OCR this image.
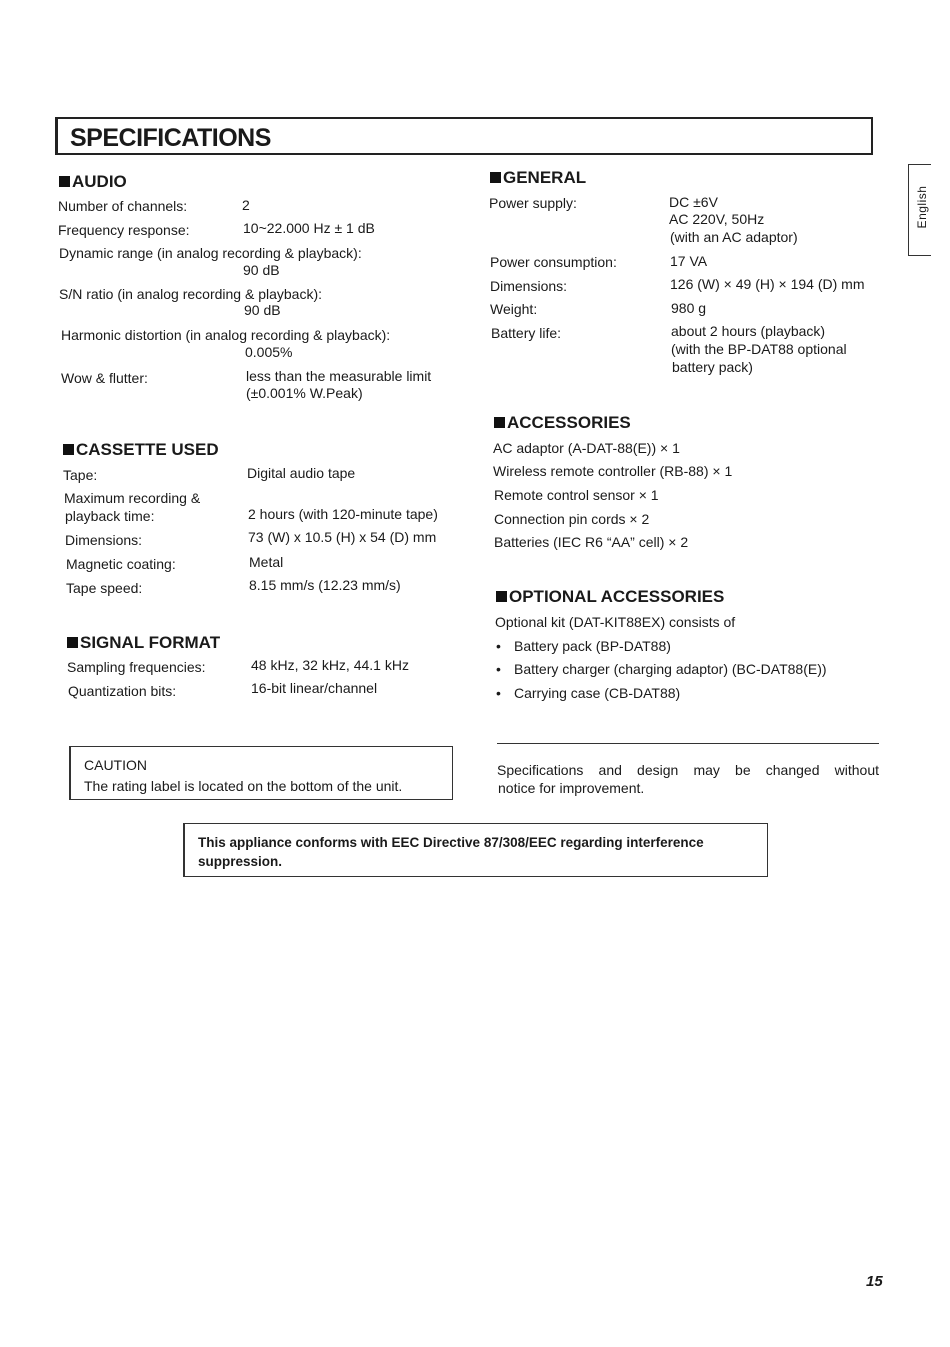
SPECIFICATIONS
English
AUDIO
Number of channels:	2
Frequency response:	10~22.000 Hz ± 1 dB
Dynamic range (in analog recording & playback):
90 dB
S/N ratio (in analog recording & playback):
90 dB
Harmonic distortion (in analog recording & playback):
0.005%
Wow & flutter:	less than the measurable limit
(±0.001% W.Peak)
CASSETTE USED
Tape:	Digital audio tape
Maximum recording &
playback time:	2 hours (with 120-minute tape)
Dimensions:	73 (W) x 10.5 (H) x 54 (D) mm
Magnetic coating:	Metal
Tape speed:	8.15 mm/s (12.23 mm/s)
SIGNAL FORMAT
Sampling frequencies:	48 kHz, 32 kHz, 44.1 kHz
Quantization bits:	16-bit linear/channel
GENERAL
Power supply:	DC ±6V
AC 220V, 50Hz
(with an AC adaptor)
Power consumption:	17 VA
Dimensions:	126 (W) × 49 (H) × 194 (D) mm
Weight:	980 g
Battery life:	about 2 hours (playback)
(with the BP-DAT88 optional
battery pack)
ACCESSORIES
AC adaptor (A-DAT-88(E)) × 1
Wireless remote controller (RB-88) × 1
Remote control sensor × 1
Connection pin cords × 2
Batteries (IEC R6 “AA” cell) × 2
OPTIONAL ACCESSORIES
Optional kit (DAT-KIT88EX) consists of
• Battery pack (BP-DAT88)
• Battery charger (charging adaptor) (BC-DAT88(E))
• Carrying case (CB-DAT88)
CAUTION
The rating label is located on the bottom of the unit.
Specifications and design may be changed without
notice for improvement.
This appliance conforms with EEC Directive 87/308/EEC regarding interference
suppression.
15
